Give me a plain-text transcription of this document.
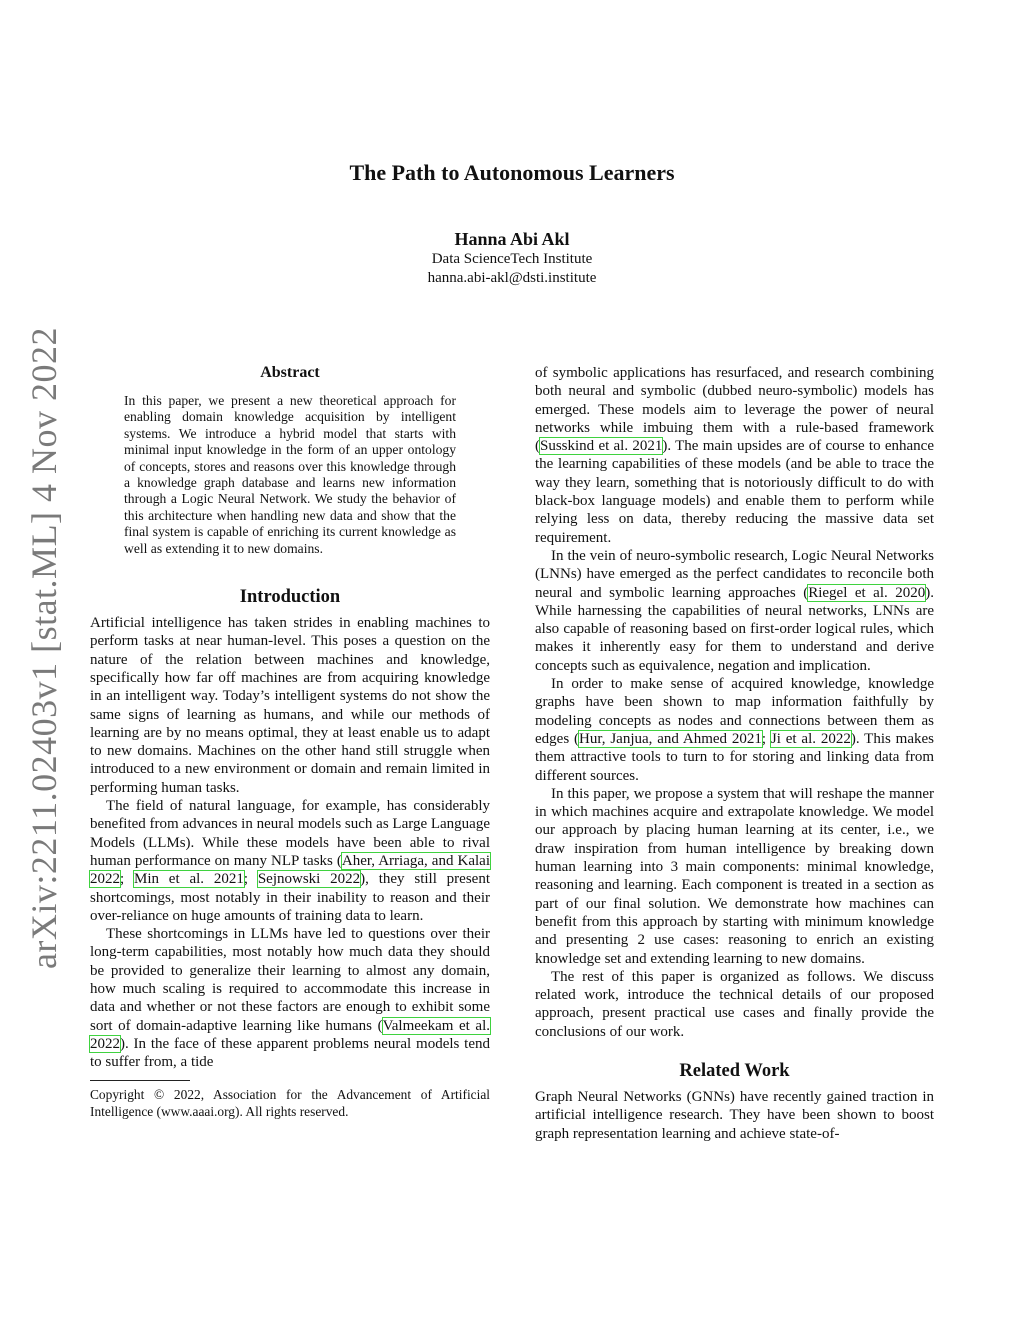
arXiv:2211.02403v1 [stat.ML] 4 Nov 2022
The Path to Autonomous Learners
Hanna Abi Akl
Data ScienceTech Institute
hanna.abi-akl@dsti.institute
Abstract

In this paper, we present a new theoretical approach for enabling domain knowledge acquisition by intelligent systems. We introduce a hybrid model that starts with minimal input knowledge in the form of an upper ontology of concepts, stores and reasons over this knowledge through a knowledge graph database and learns new information through a Logic Neural Network. We study the behavior of this architecture when handling new data and show that the final system is capable of enriching its current knowledge as well as extending it to new domains.

Introduction

Artificial intelligence has taken strides in enabling machines to perform tasks at near human-level. This poses a question on the nature of the relation between machines and knowledge, specifically how far off machines are from acquiring knowledge in an intelligent way. Today’s intelligent systems do not show the same signs of learning as humans, and while our methods of learning are by no means optimal, they at least enable us to adapt to new domains. Machines on the other hand still struggle when introduced to a new environment or domain and remain limited in performing human tasks.

The field of natural language, for example, has considerably benefited from advances in neural models such as Large Language Models (LLMs). While these models have been able to rival human performance on many NLP tasks (Aher, Arriaga, and Kalai 2022; Min et al. 2021; Sejnowski 2022), they still present shortcomings, most notably in their inability to reason and their over-reliance on huge amounts of training data to learn.

These shortcomings in LLMs have led to questions over their long-term capabilities, most notably how much data they should be provided to generalize their learning to almost any domain, how much scaling is required to accommodate this increase in data and whether or not these factors are enough to exhibit some sort of domain-adaptive learning like humans (Valmeekam et al. 2022). In the face of these apparent problems neural models tend to suffer from, a tide

Copyright © 2022, Association for the Advancement of Artificial Intelligence (www.aaai.org). All rights reserved.

of symbolic applications has resurfaced, and research combining both neural and symbolic (dubbed neuro-symbolic) models has emerged. These models aim to leverage the power of neural networks while imbuing them with a rule-based framework (Susskind et al. 2021). The main upsides are of course to enhance the learning capabilities of these models (and be able to trace the way they learn, something that is notoriously difficult to do with black-box language models) and enable them to perform while relying less on data, thereby reducing the massive data set requirement.

In the vein of neuro-symbolic research, Logic Neural Networks (LNNs) have emerged as the perfect candidates to reconcile both neural and symbolic learning approaches (Riegel et al. 2020). While harnessing the capabilities of neural networks, LNNs are also capable of reasoning based on first-order logical rules, which makes it inherently easy for them to understand and derive concepts such as equivalence, negation and implication.

In order to make sense of acquired knowledge, knowledge graphs have been shown to map information faithfully by modeling concepts as nodes and connections between them as edges (Hur, Janjua, and Ahmed 2021; Ji et al. 2022). This makes them attractive tools to turn to for storing and linking data from different sources.

In this paper, we propose a system that will reshape the manner in which machines acquire and extrapolate knowledge. We model our approach by placing human learning at its center, i.e., we draw inspiration from human intelligence by breaking down human learning into 3 main components: minimal knowledge, reasoning and learning. Each component is treated in a section as part of our final solution. We demonstrate how machines can benefit from this approach by starting with minimum knowledge and presenting 2 use cases: reasoning to enrich an existing knowledge set and extending learning to new domains.

The rest of this paper is organized as follows. We discuss related work, introduce the technical details of our proposed approach, present practical use cases and finally provide the conclusions of our work.

Related Work

Graph Neural Networks (GNNs) have recently gained traction in artificial intelligence research. They have been shown to boost graph representation learning and achieve state-of-
